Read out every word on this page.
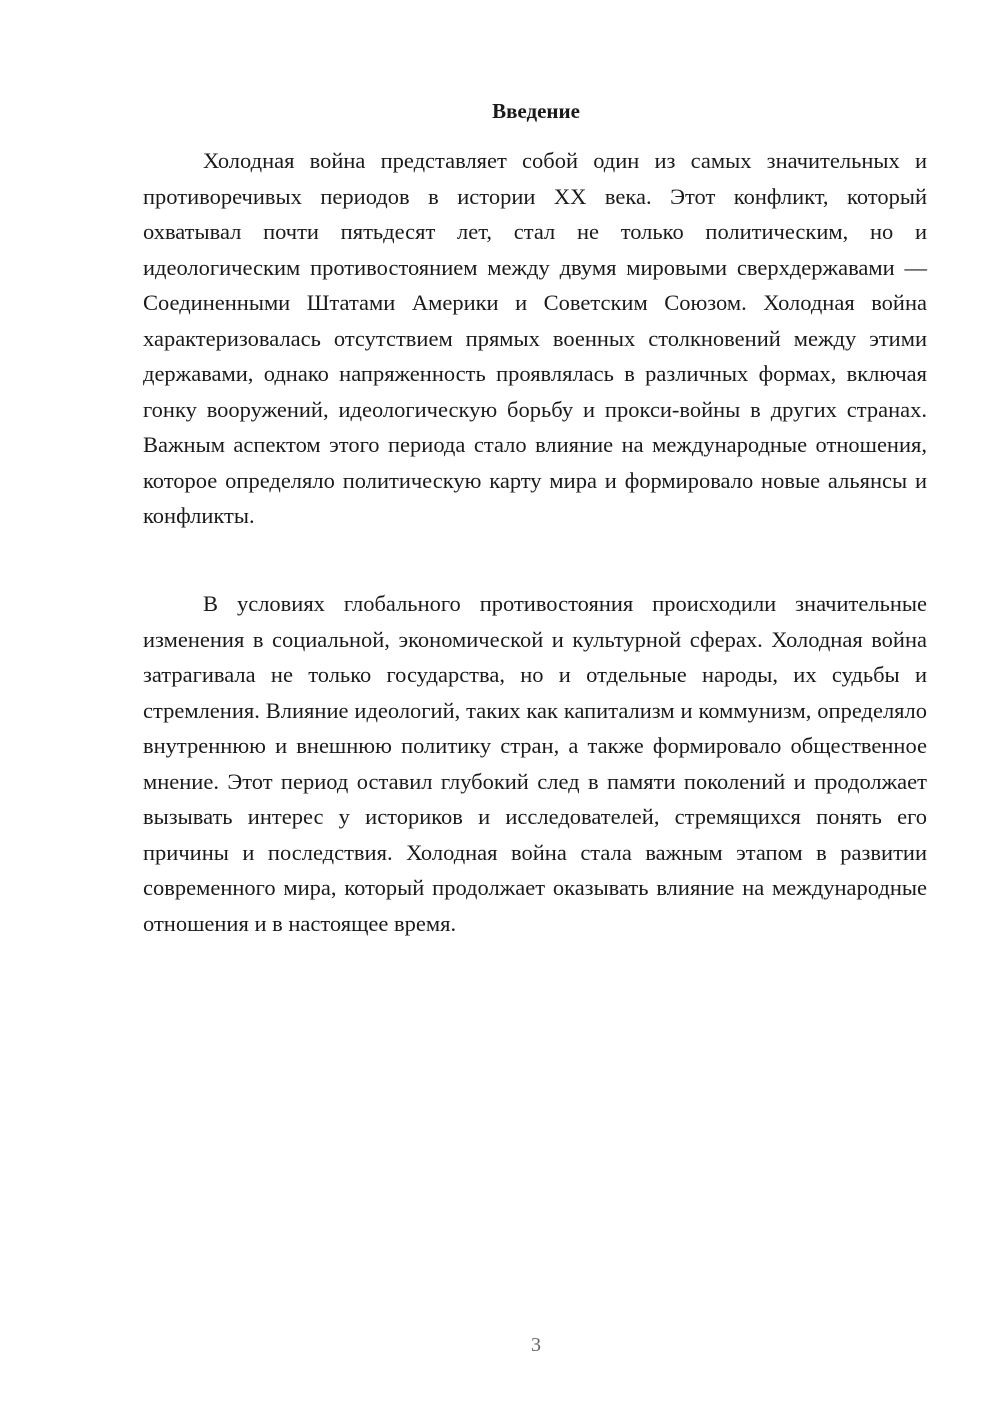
Введение

Холодная война представляет собой один из самых значительных и противоречивых периодов в истории XX века. Этот конфликт, который охватывал почти пятьдесят лет, стал не только политическим, но и идеологическим противостоянием между двумя мировыми сверхдержавами — Соединенными Штатами Америки и Советским Союзом. Холодная война характеризовалась отсутствием прямых военных столкновений между этими державами, однако напряженность проявлялась в различных формах, включая гонку вооружений, идеологическую борьбу и прокси-войны в других странах. Важным аспектом этого периода стало влияние на международные отношения, которое определяло политическую карту мира и формировало новые альянсы и конфликты.

В условиях глобального противостояния происходили значительные изменения в социальной, экономической и культурной сферах. Холодная война затрагивала не только государства, но и отдельные народы, их судьбы и стремления. Влияние идеологий, таких как капитализм и коммунизм, определяло внутреннюю и внешнюю политику стран, а также формировало общественное мнение. Этот период оставил глубокий след в памяти поколений и продолжает вызывать интерес у историков и исследователей, стремящихся понять его причины и последствия. Холодная война стала важным этапом в развитии современного мира, который продолжает оказывать влияние на международные отношения и в настоящее время.

3
